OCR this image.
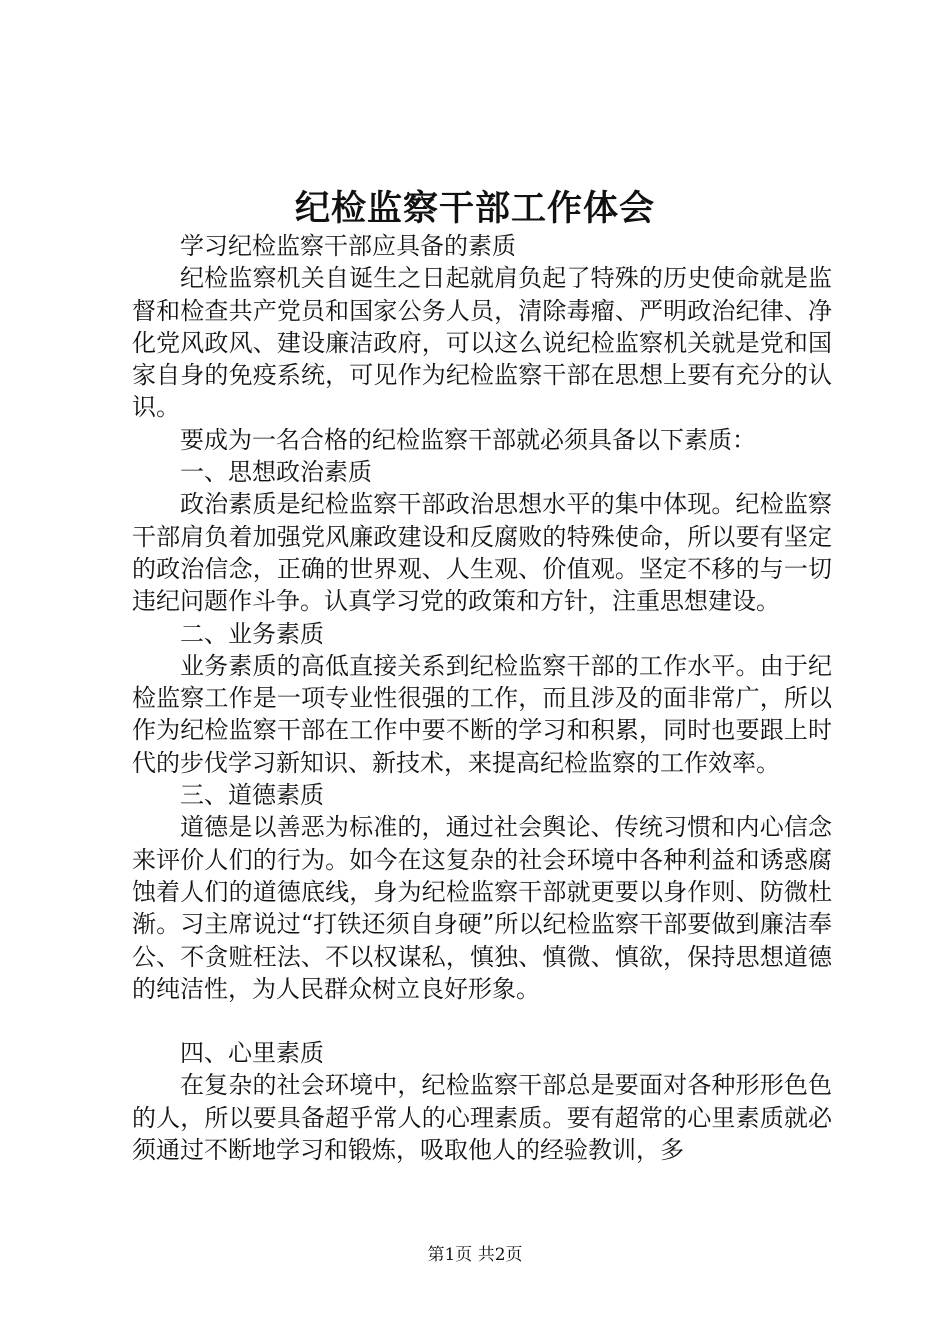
纪检监察干部工作体会

学习纪检监察干部应具备的素质

纪检监察机关自诞生之日起就肩负起了特殊的历史使命就是监督和检查共产党员和国家公务人员，清除毒瘤、严明政治纪律、净化党风政风、建设廉洁政府，可以这么说纪检监察机关就是党和国家自身的免疫系统，可见作为纪检监察干部在思想上要有充分的认识。

要成为一名合格的纪检监察干部就必须具备以下素质：

一、思想政治素质

政治素质是纪检监察干部政治思想水平的集中体现。纪检监察干部肩负着加强党风廉政建设和反腐败的特殊使命，所以要有坚定的政治信念，正确的世界观、人生观、价值观。坚定不移的与一切违纪问题作斗争。认真学习党的政策和方针，注重思想建设。

二、业务素质

业务素质的高低直接关系到纪检监察干部的工作水平。由于纪检监察工作是一项专业性很强的工作，而且涉及的面非常广，所以作为纪检监察干部在工作中要不断的学习和积累，同时也要跟上时代的步伐学习新知识、新技术，来提高纪检监察的工作效率。

三、道德素质

道德是以善恶为标准的，通过社会舆论、传统习惯和内心信念来评价人们的行为。如今在这复杂的社会环境中各种利益和诱惑腐蚀着人们的道德底线，身为纪检监察干部就更要以身作则、防微杜渐。习主席说过“打铁还须自身硬”所以纪检监察干部要做到廉洁奉公、不贪赃枉法、不以权谋私，慎独、慎微、慎欲，保持思想道德的纯洁性，为人民群众树立良好形象。

四、心里素质

在复杂的社会环境中，纪检监察干部总是要面对各种形形色色的人，所以要具备超乎常人的心理素质。要有超常的心里素质就必须通过不断地学习和锻炼，吸取他人的经验教训，多

第1页 共2页
